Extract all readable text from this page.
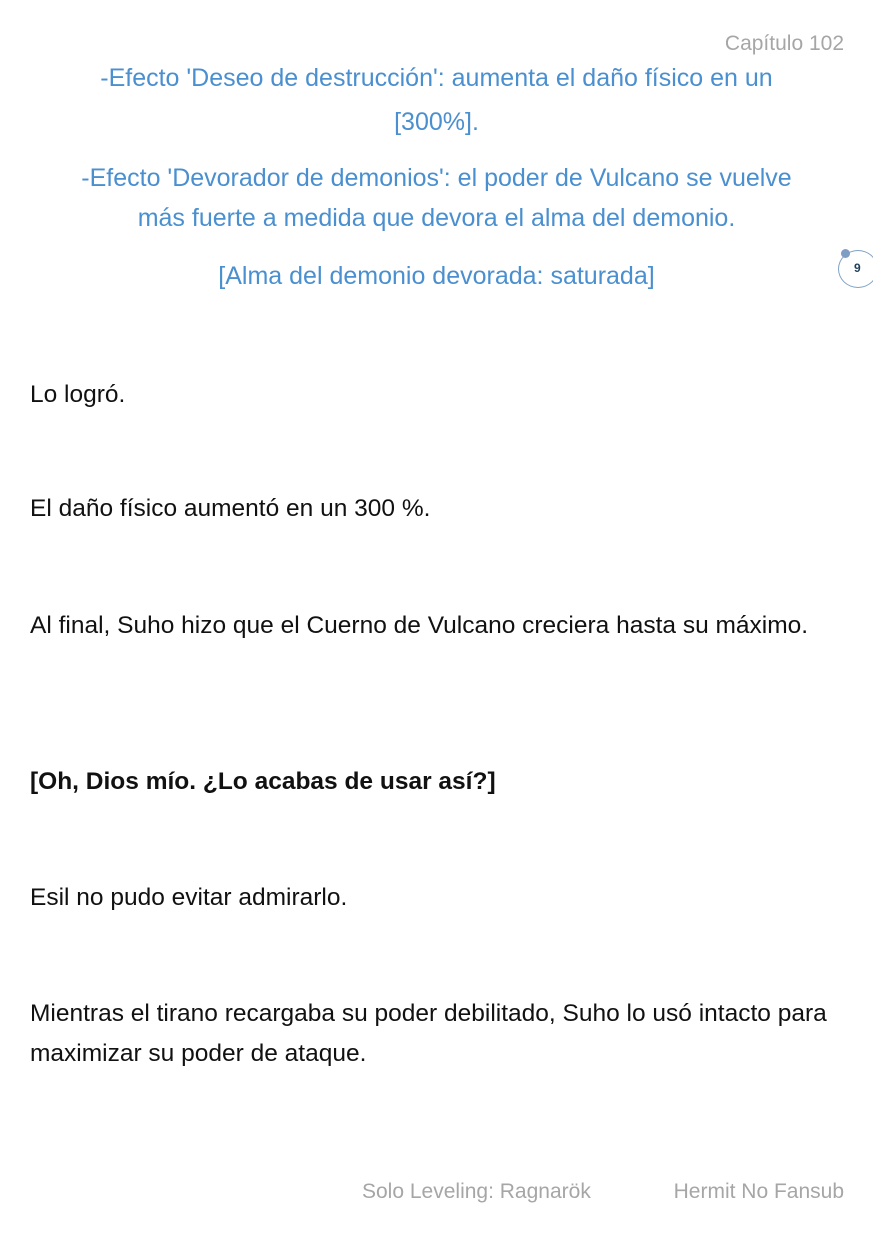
Capítulo 102
-Efecto 'Deseo de destrucción': aumenta el daño físico en un
[300%].
-Efecto 'Devorador de demonios': el poder de Vulcano se vuelve
más fuerte a medida que devora el alma del demonio.
[Alma del demonio devorada: saturada]	9
Lo logró.
El daño físico aumentó en un 300 %.
Al final, Suho hizo que el Cuerno de Vulcano creciera hasta su máximo.
[Oh, Dios mío. ¿Lo acabas de usar así?]
Esil no pudo evitar admirarlo.
Mientras el tirano recargaba su poder debilitado, Suho lo usó intacto para maximizar su poder de ataque.
Solo Leveling: Ragnarök	Hermit No Fansub
